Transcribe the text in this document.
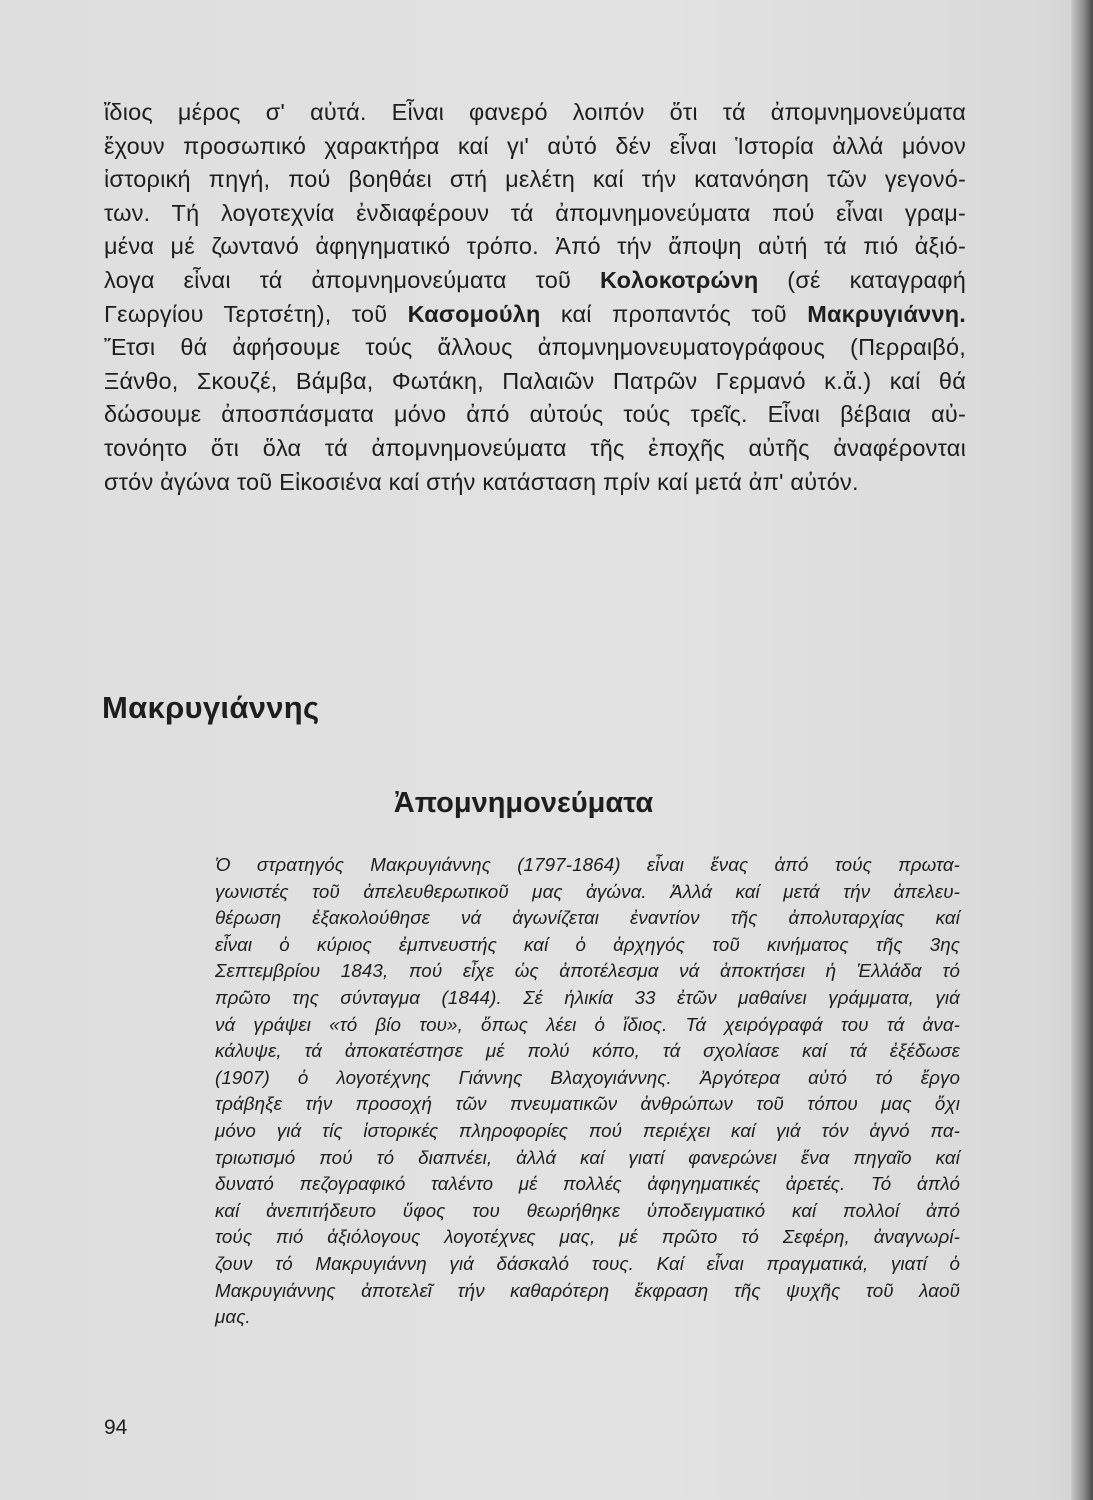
ἴδιος μέρος σ' αὐτά. Εἶναι φανερό λοιπόν ὅτι τά ἀπομνημονεύματα
ἔχουν προσωπικό χαρακτήρα καί γι' αὐτό δέν εἶναι Ἱστορία ἀλλά μόνον
ἱστορική πηγή, πού βοηθάει στή μελέτη καί τήν κατανόηση τῶν γεγονό-
των. Τή λογοτεχνία ἐνδιαφέρουν τά ἀπομνημονεύματα πού εἶναι γραμ-
μένα μέ ζωντανό ἀφηγηματικό τρόπο. Ἀπό τήν ἄποψη αὐτή τά πιό ἀξιό-
λογα εἶναι τά ἀπομνημονεύματα τοῦ Κολοκοτρώνη (σέ καταγραφή
Γεωργίου Τερτσέτη), τοῦ Κασομούλη καί προπαντός τοῦ Μακρυγιάννη.
Ἔτσι θά ἀφήσουμε τούς ἄλλους ἀπομνημονευματογράφους (Περραιβό,
Ξάνθο, Σκουζέ, Βάμβα, Φωτάκη, Παλαιῶν Πατρῶν Γερμανό κ.ἄ.) καί θά
δώσουμε ἀποσπάσματα μόνο ἀπό αὐτούς τούς τρεῖς. Εἶναι βέβαια αὐ-
τονόητο ὅτι ὅλα τά ἀπομνημονεύματα τῆς ἐποχῆς αὐτῆς ἀναφέρονται
στόν ἀγώνα τοῦ Εἰκοσιένα καί στήν κατάσταση πρίν καί μετά ἀπ' αὐτόν.
Μακρυγιάννης
Ἀπομνημονεύματα
Ὁ στρατηγός Μακρυγιάννης (1797-1864) εἶναι ἕνας ἀπό τούς πρωτα-
γωνιστές τοῦ ἀπελευθερωτικοῦ μας ἀγώνα. Ἀλλά καί μετά τήν ἀπελευ-
θέρωση ἐξακολούθησε νά ἀγωνίζεται ἐναντίον τῆς ἀπολυταρχίας καί
εἶναι ὁ κύριος ἐμπνευστής καί ὁ ἀρχηγός τοῦ κινήματος τῆς 3ης
Σεπτεμβρίου 1843, πού εἶχε ὡς ἀποτέλεσμα νά ἀποκτήσει ἡ Ἑλλάδα τό
πρῶτο της σύνταγμα (1844). Σέ ἡλικία 33 ἐτῶν μαθαίνει γράμματα, γιά
νά γράψει «τό βίο του», ὅπως λέει ὁ ἴδιος. Τά χειρόγραφά του τά ἀνα-
κάλυψε, τά ἀποκατέστησε μέ πολύ κόπο, τά σχολίασε καί τά ἐξέδωσε
(1907) ὁ λογοτέχνης Γιάννης Βλαχογιάννης. Ἀργότερα αὐτό τό ἔργο
τράβηξε τήν προσοχή τῶν πνευματικῶν ἀνθρώπων τοῦ τόπου μας ὄχι
μόνο γιά τίς ἱστορικές πληροφορίες πού περιέχει καί γιά τόν ἁγνό πα-
τριωτισμό πού τό διαπνέει, ἀλλά καί γιατί φανερώνει ἕνα πηγαῖο καί
δυνατό πεζογραφικό ταλέντο μέ πολλές ἀφηγηματικές ἀρετές. Τό ἁπλό
καί ἀνεπιτήδευτο ὕφος του θεωρήθηκε ὑποδειγματικό καί πολλοί ἀπό
τούς πιό ἀξιόλογους λογοτέχνες μας, μέ πρῶτο τό Σεφέρη, ἀναγνωρί-
ζουν τό Μακρυγιάννη γιά δάσκαλό τους. Καί εἶναι πραγματικά, γιατί ὁ
Μακρυγιάννης ἀποτελεῖ τήν καθαρότερη ἔκφραση τῆς ψυχῆς τοῦ λαοῦ
μας.
94
